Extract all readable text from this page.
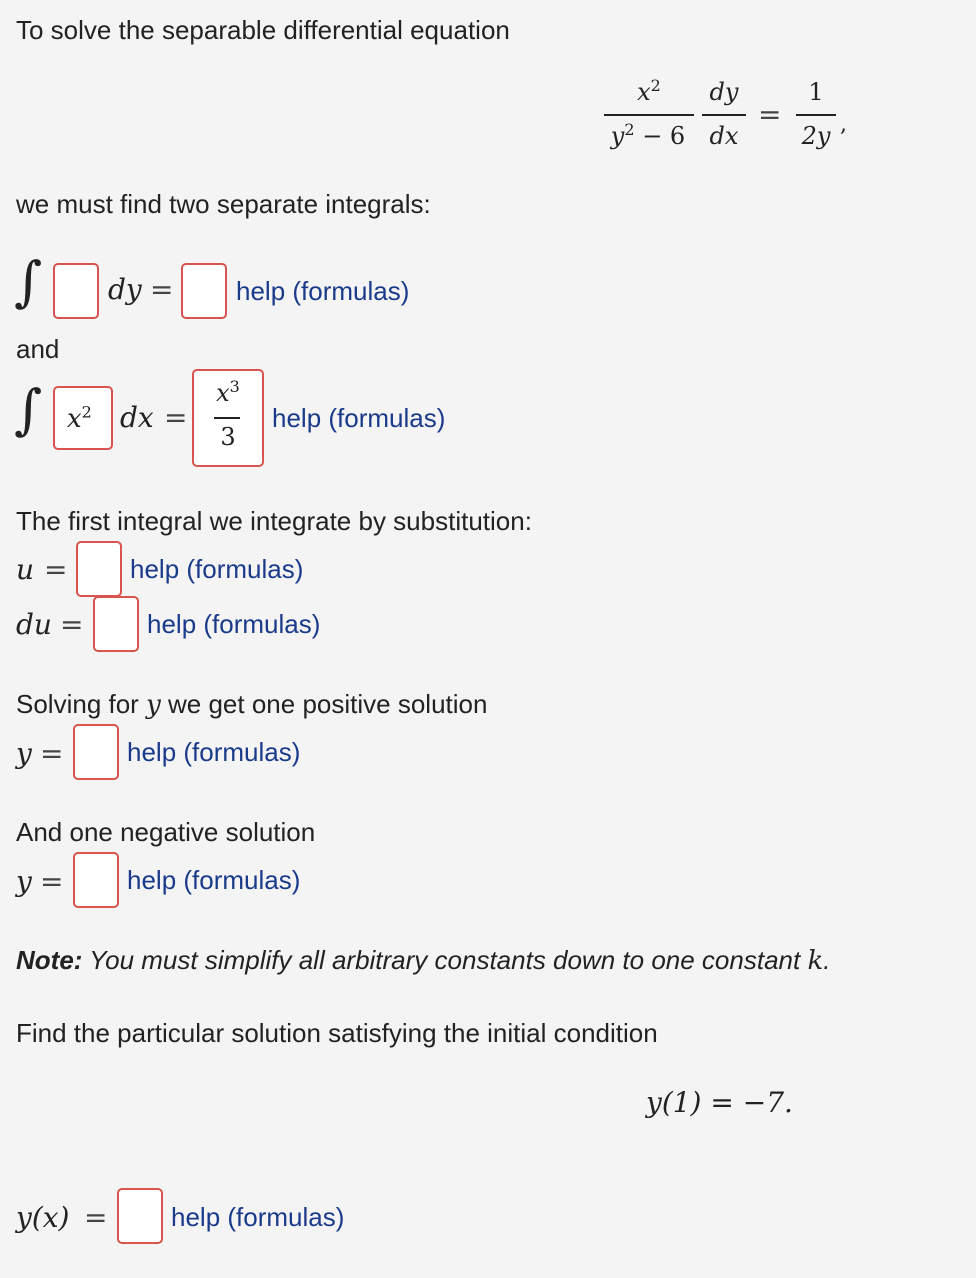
To solve the separable differential equation
$x^2$
$y^2 - 6$
dy
dx
=
1
2y ,
we must find two separate integrals:
∫ dy = help (formulas)
and
∫ $x^2$ dx =
$x^3$
3
help (formulas)
The first integral we integrate by substitution:
u = help (formulas)
du = help (formulas)
Solving for y we get one positive solution
y = help (formulas)
And one negative solution
y = help (formulas)
Note: You must simplify all arbitrary constants down to one constant k.
Find the particular solution satisfying the initial condition
y(1) = −7.
y(x) = help (formulas)
